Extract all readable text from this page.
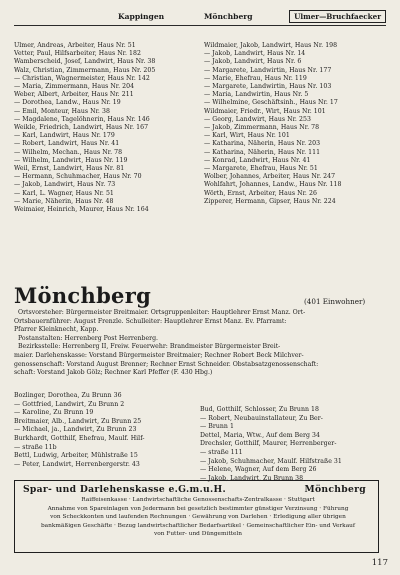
Kappingen	Mönchberg	Ulmer—Bruchfaecker
Ulmer, Andreas, Arbeiter, Haus Nr. 51
Vetter, Paul, Hilfsarbeiter, Haus Nr. 182
Wamberscheid, Josef, Landwirt, Haus Nr. 38
Walz, Christian, Zimmermann, Haus Nr. 205
— Christian, Wagnermeister, Haus Nr. 142
— Maria, Zimmermann, Haus Nr. 204
Weber, Albert, Arbeiter, Haus Nr. 211
— Dorothea, Landw., Haus Nr. 19
— Emil, Monteur, Haus Nr. 38
— Magdalene, Tagelöhnerin, Haus Nr. 146
Weikle, Friedrich, Landwirt, Haus Nr. 167
— Karl, Landwirt, Haus Nr. 179
— Robert, Landwirt, Haus Nr. 41
— Wilhelm, Mechan., Haus Nr. 78
— Wilhelm, Landwirt, Haus Nr. 119
Weil, Ernst, Landwirt, Haus Nr. 81
— Hermann, Schuhmacher, Haus Nr. 70
— Jakob, Landwirt, Haus Nr. 73
— Karl, L. Wagner, Haus Nr. 51
— Marie, Näherin, Haus Nr. 48
Weimaier, Heinrich, Maurer, Haus Nr. 164
Wildmaier, Jakob, Landwirt, Haus Nr. 198
— Jakob, Landwirt, Haus Nr. 14
— Jakob, Landwirt, Haus Nr. 6
— Margarete, Landwirtin, Haus Nr. 177
— Marie, Ehefrau, Haus Nr. 119
— Margarete, Landwirtin, Haus Nr. 103
— Maria, Landwirtin, Haus Nr. 5
— Wilhelmine, Geschäftsinh., Haus Nr. 17
Wildmaier, Friedr., Wirt, Haus Nr. 101
— Georg, Landwirt, Haus Nr. 253
— Jakob, Zimmermann, Haus Nr. 78
— Karl, Wirt, Haus Nr. 101
— Katharina, Näherin, Haus Nr. 203
— Katharina, Näherin, Haus Nr. 111
— Konrad, Landwirt, Haus Nr. 41
— Margarete, Ehefrau, Haus Nr. 51
Wolber, Johannes, Arbeiter, Haus Nr. 247
Wohlfahrt, Johannes, Landw., Haus Nr. 118
Wörth, Ernst, Arbeiter, Haus Nr. 26
Zipperer, Hermann, Gipser, Haus Nr. 224
Mönchberg	(401 Einwohner)
Ortsvorsteher: Bürgermeister Breitmaier. Ortsgruppenleiter: Hauptlehrer Ernst Manz. Ort-
Ortsbauernführer: August Frenzle. Schulleiter: Hauptlehrer Ernst Manz. Ev. Pfarramt:
Pfarrer Kleinknecht, Kapp.
Postanstalten: Herrenberg Post Herrenberg.
Bezirksstelle: Herrenberg II, Freiw. Feuerwehr: Brandmeister Bürgermeister Breit-
maier. Darlehenskasse: Vorstand Bürgermeister Breitmaier; Rechner Robert Beck Milchver-
genossenschaft: Vorstand August Brenner; Rechner Ernst Schneider. Obstabsatzgenossenschaft:
schaft: Vorstand Jakob Gölz; Rechner Karl Pfeffer (F. 430 Hbg.)
Bozlinger, Dorothea, Zu Brunn 36
— Gottfried, Landwirt, Zu Brunn 2
— Karoline, Zu Brunn 19
Breitmaier, Alb., Landwirt, Zu Brunn 25
— Michael, ja., Landwirt, Zu Brunn 23
Burkhardt, Gotthilf, Ehefrau, Maulf. Hilf-
— straße 11b
Bettl, Ludwig, Arbeiter, Mühlstraße 15
— Peter, Landwirt, Herrenbergerstr. 43
Bud, Gotthilf, Schlosser, Zu Brunn 18
— Robert, Neubauinstallateur, Zu Ber-
— Brunn 1
Dettel, Maria, Wtw., Auf dem Berg 34
Drechsler, Gotthilf, Maurer, Herrenberger-
— straße 111
— Jakob, Schuhmacher, Maulf. Hilfstraße 31
— Helene, Wagner, Auf dem Berg 26
— Jakob, Landwirt, Zu Brunn 38
Spar- und Darlehenskasse e.G.m.u.H.	Mönchberg
Raiffeisenkasse · Landwirtschaftliche Genossenschafts-Zentralkasse · Stuttgart
Annahme von Spareinlagen von Jedermann bei gesetzlich bestimmter günstiger Verzinsung · Führung
von Scheckkonten und laufenden Rechnungen · Gewährung von Darlehen · Erledigung aller übrigen
bankmäßigen Geschäfte · Bezug landwirtschaftlicher Bedarfsartikel · Gemeinschaftlicher Ein- und Verkauf
von Futter- und Düngemitteln
117
